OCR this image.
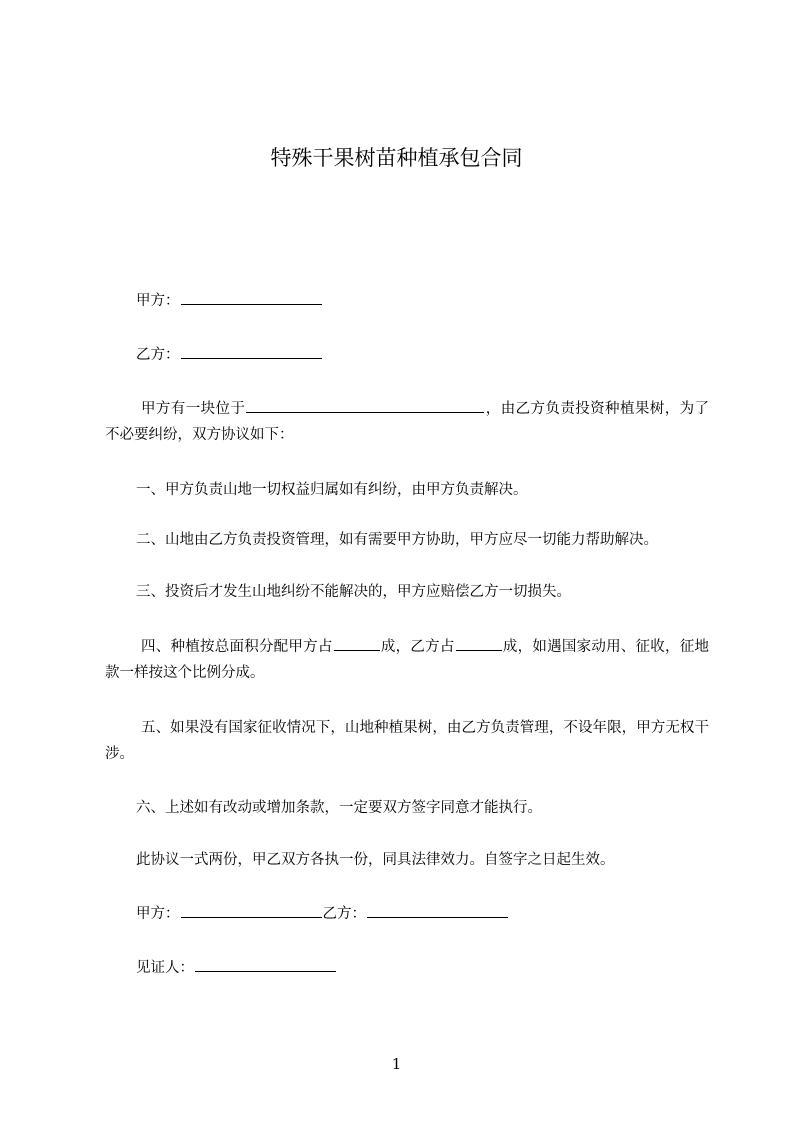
特殊干果树苗种植承包合同
甲方：
乙方：
甲方有一块位于	，由乙方负责投资种植果树，为了不必要纠纷，双方协议如下：
一、甲方负责山地一切权益归属如有纠纷，由甲方负责解决。
二、山地由乙方负责投资管理，如有需要甲方协助，甲方应尽一切能力帮助解决。
三、投资后才发生山地纠纷不能解决的，甲方应赔偿乙方一切损失。
四、种植按总面积分配甲方占	成，乙方占	成，如遇国家动用、征收，征地款一样按这个比例分成。
五、如果没有国家征收情况下，山地种植果树，由乙方负责管理，不设年限，甲方无权干涉。
六、上述如有改动或增加条款，一定要双方签字同意才能执行。
此协议一式两份，甲乙双方各执一份，同具法律效力。自签字之日起生效。
甲方：	乙方：
见证人：
1
